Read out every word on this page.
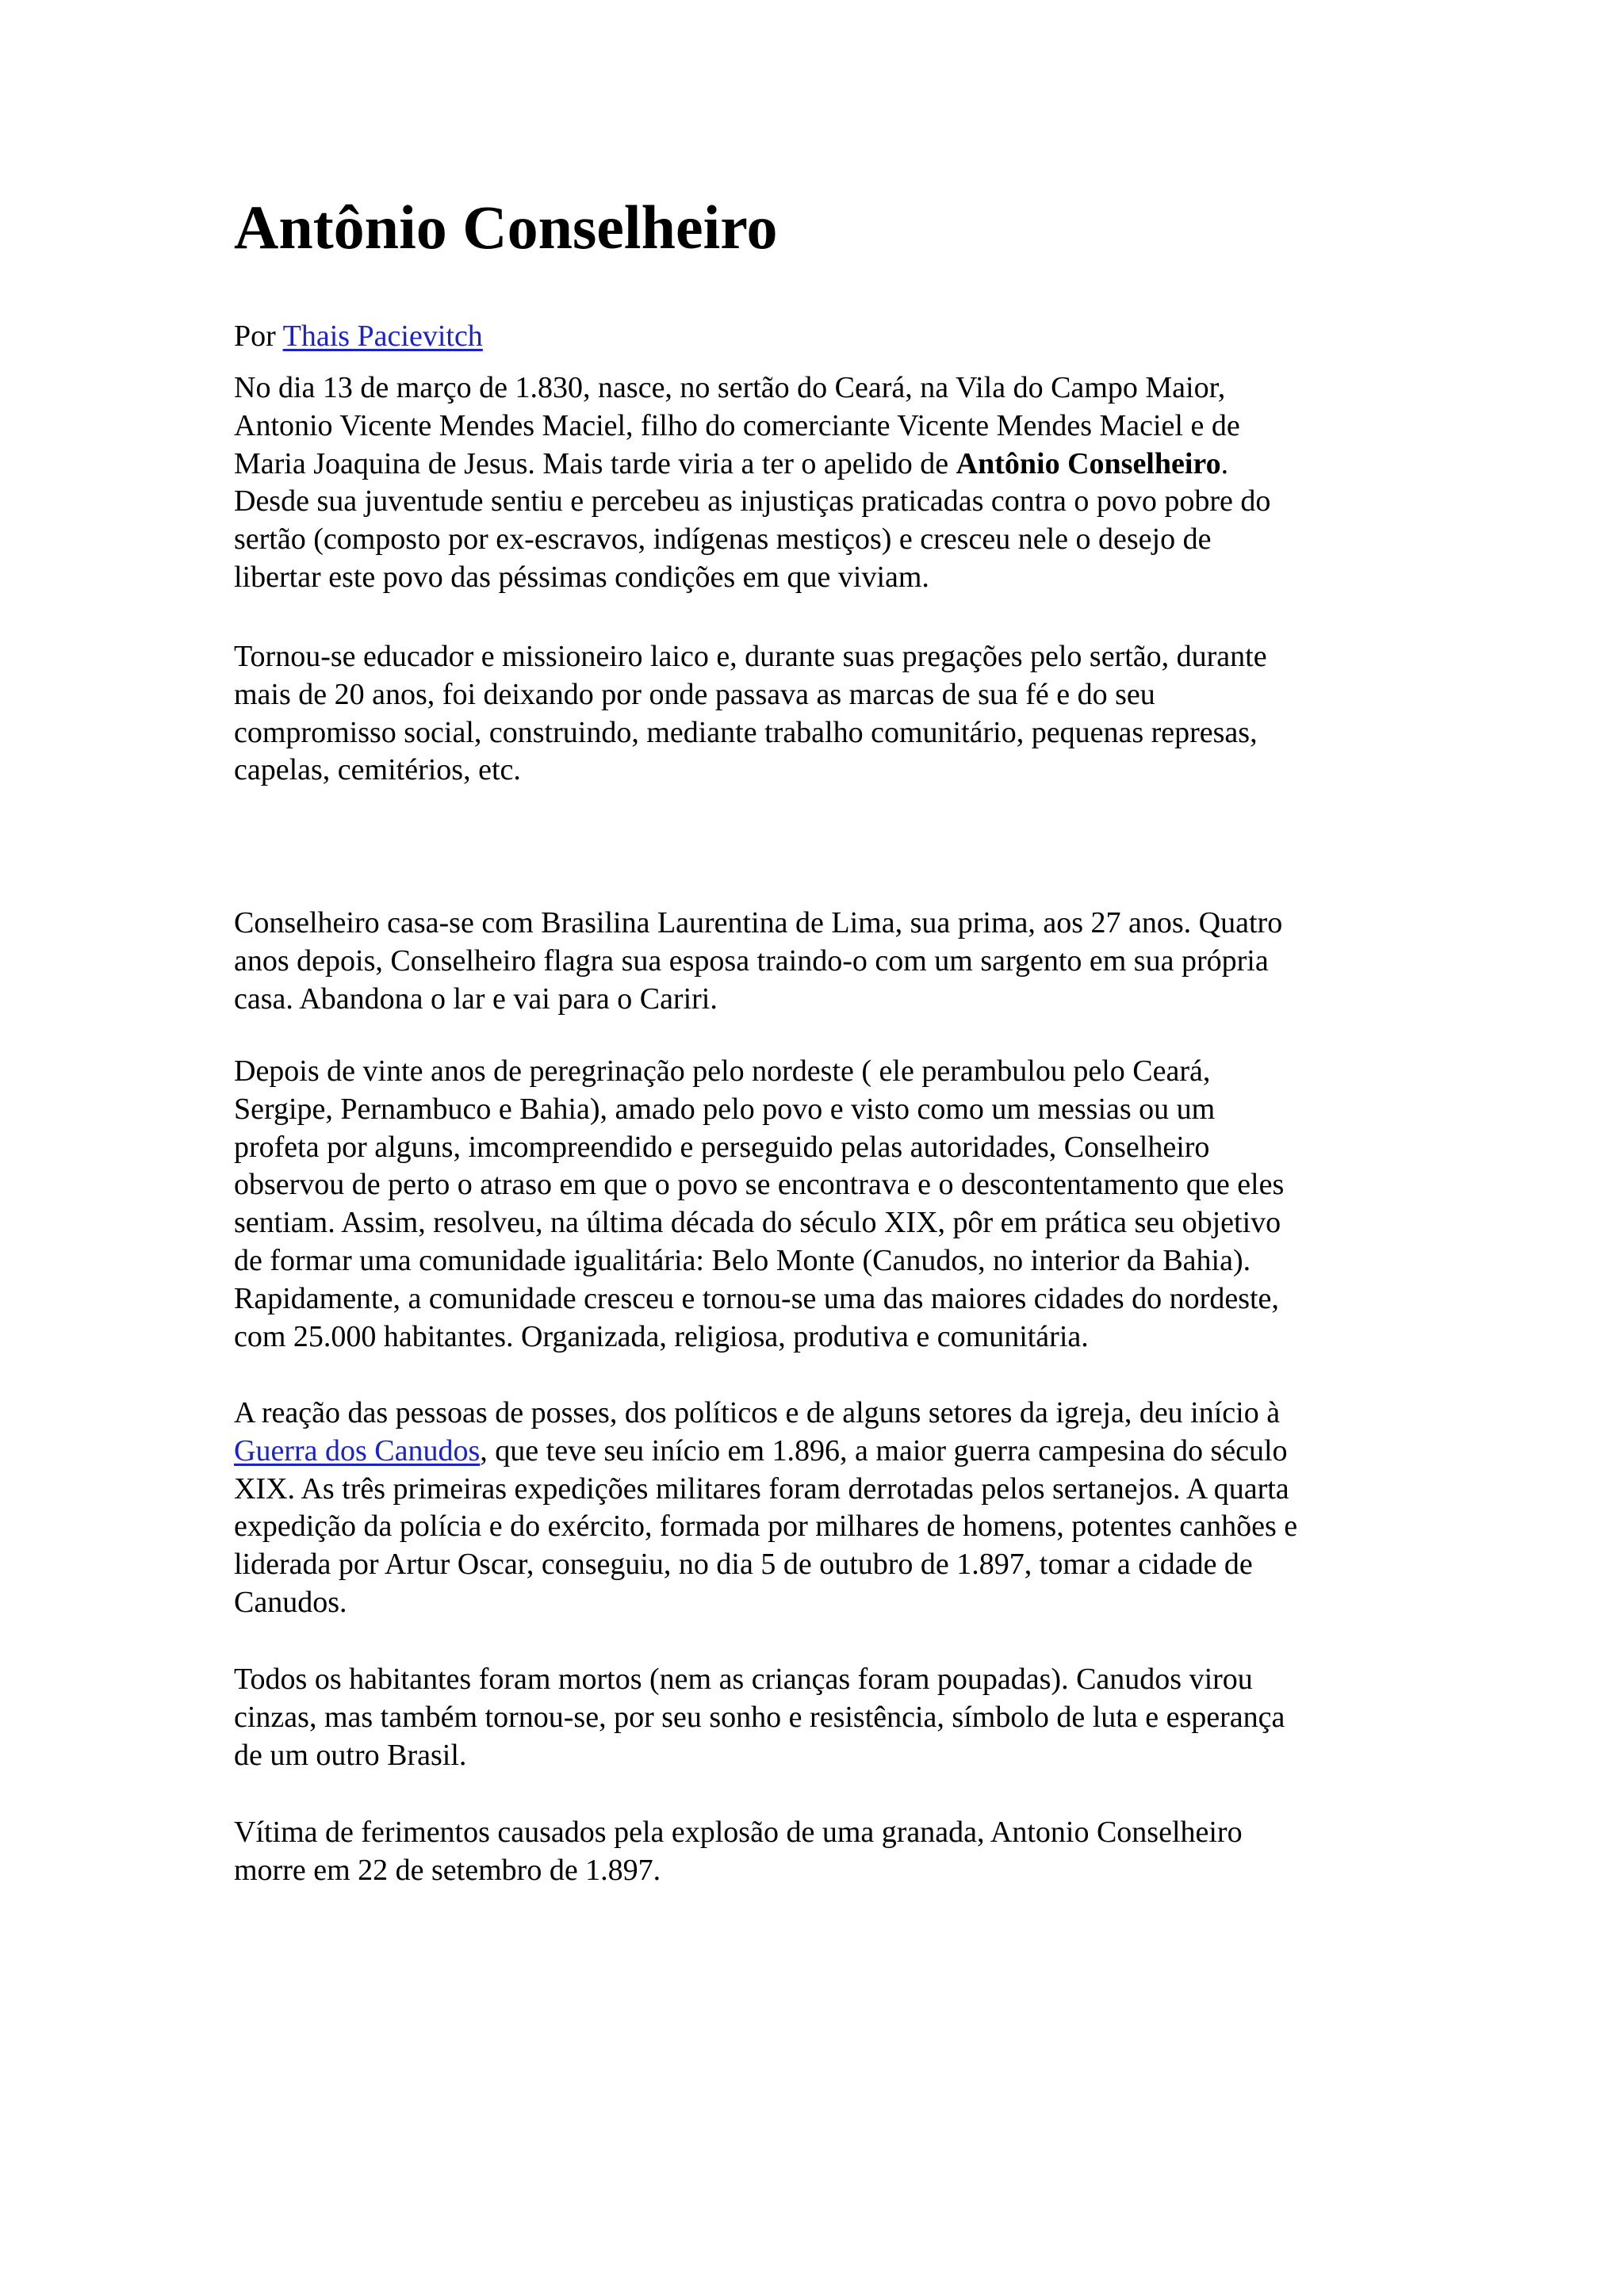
Antônio Conselheiro
Por Thais Pacievitch

No dia 13 de março de 1.830, nasce, no sertão do Ceará, na Vila do Campo Maior,
Antonio Vicente Mendes Maciel, filho do comerciante Vicente Mendes Maciel e de
Maria Joaquina de Jesus. Mais tarde viria a ter o apelido de Antônio Conselheiro.
Desde sua juventude sentiu e percebeu as injustiças praticadas contra o povo pobre do
sertão (composto por ex-escravos, indígenas mestiços) e cresceu nele o desejo de
libertar este povo das péssimas condições em que viviam.

Tornou-se educador e missioneiro laico e, durante suas pregações pelo sertão, durante
mais de 20 anos, foi deixando por onde passava as marcas de sua fé e do seu
compromisso social, construindo, mediante trabalho comunitário, pequenas represas,
capelas, cemitérios, etc.

Conselheiro casa-se com Brasilina Laurentina de Lima, sua prima, aos 27 anos. Quatro
anos depois, Conselheiro flagra sua esposa traindo-o com um sargento em sua própria
casa. Abandona o lar e vai para o Cariri.

Depois de vinte anos de peregrinação pelo nordeste ( ele perambulou pelo Ceará,
Sergipe, Pernambuco e Bahia), amado pelo povo e visto como um messias ou um
profeta por alguns, imcompreendido e perseguido pelas autoridades, Conselheiro
observou de perto o atraso em que o povo se encontrava e o descontentamento que eles
sentiam. Assim, resolveu, na última década do século XIX, pôr em prática seu objetivo
de formar uma comunidade igualitária: Belo Monte (Canudos, no interior da Bahia).
Rapidamente, a comunidade cresceu e tornou-se uma das maiores cidades do nordeste,
com 25.000 habitantes. Organizada, religiosa, produtiva e comunitária.

A reação das pessoas de posses, dos políticos e de alguns setores da igreja, deu início à
Guerra dos Canudos, que teve seu início em 1.896, a maior guerra campesina do século
XIX. As três primeiras expedições militares foram derrotadas pelos sertanejos. A quarta
expedição da polícia e do exército, formada por milhares de homens, potentes canhões e
liderada por Artur Oscar, conseguiu, no dia 5 de outubro de 1.897, tomar a cidade de
Canudos.

Todos os habitantes foram mortos (nem as crianças foram poupadas). Canudos virou
cinzas, mas também tornou-se, por seu sonho e resistência, símbolo de luta e esperança
de um outro Brasil.

Vítima de ferimentos causados pela explosão de uma granada, Antonio Conselheiro
morre em 22 de setembro de 1.897.
